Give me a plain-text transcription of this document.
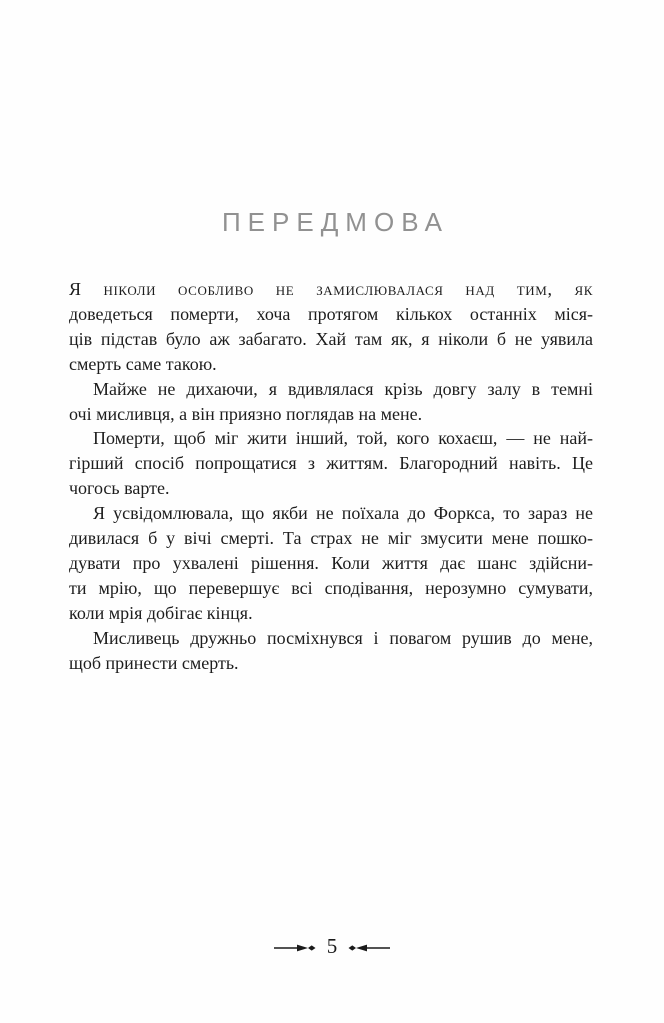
ПЕРЕДМОВА
Я ніколи особливо не замислювалася над тим, як
доведеться померти, хоча протягом кількох останніх міся-
ців підстав було аж забагато. Хай там як, я ніколи б не уявила
смерть саме такою.
Майже не дихаючи, я вдивлялася крізь довгу залу в темні
очі мисливця, а він приязно поглядав на мене.
Померти, щоб міг жити інший, той, кого кохаєш, — не най-
гірший спосіб попрощатися з життям. Благородний навіть. Це
чогось варте.
Я усвідомлювала, що якби не поїхала до Форкса, то зараз не
дивилася б у вічі смерті. Та страх не міг змусити мене пошко-
дувати про ухвалені рішення. Коли життя дає шанс здійсни-
ти мрію, що перевершує всі сподівання, нерозумно сумувати,
коли мрія добігає кінця.
Мисливець дружньо посміхнувся і повагом рушив до мене,
щоб принести смерть.
5
